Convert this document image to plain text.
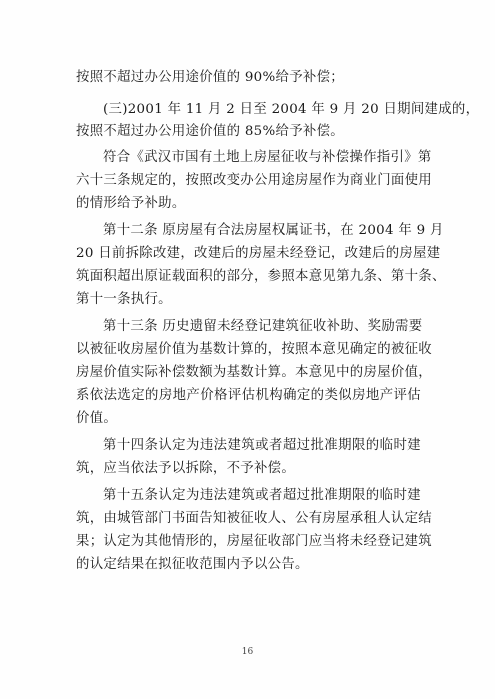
按照不超过办公用途价值的 90%给予补偿；
(三)2001 年 11 月 2 日至 2004 年 9 月 20 日期间建成的，
按照不超过办公用途价值的 85%给予补偿。
符合《武汉市国有土地上房屋征收与补偿操作指引》第
六十三条规定的，按照改变办公用途房屋作为商业门面使用
的情形给予补助。
第十二条 原房屋有合法房屋权属证书，在 2004 年 9 月
20 日前拆除改建，改建后的房屋未经登记，改建后的房屋建
筑面积超出原证载面积的部分，参照本意见第九条、第十条、
第十一条执行。
第十三条 历史遗留未经登记建筑征收补助、奖励需要
以被征收房屋价值为基数计算的，按照本意见确定的被征收
房屋价值实际补偿数额为基数计算。本意见中的房屋价值，
系依法选定的房地产价格评估机构确定的类似房地产评估
价值。
第十四条认定为违法建筑或者超过批准期限的临时建
筑，应当依法予以拆除，不予补偿。
第十五条认定为违法建筑或者超过批准期限的临时建
筑，由城管部门书面告知被征收人、公有房屋承租人认定结
果；认定为其他情形的，房屋征收部门应当将未经登记建筑
的认定结果在拟征收范围内予以公告。
16
